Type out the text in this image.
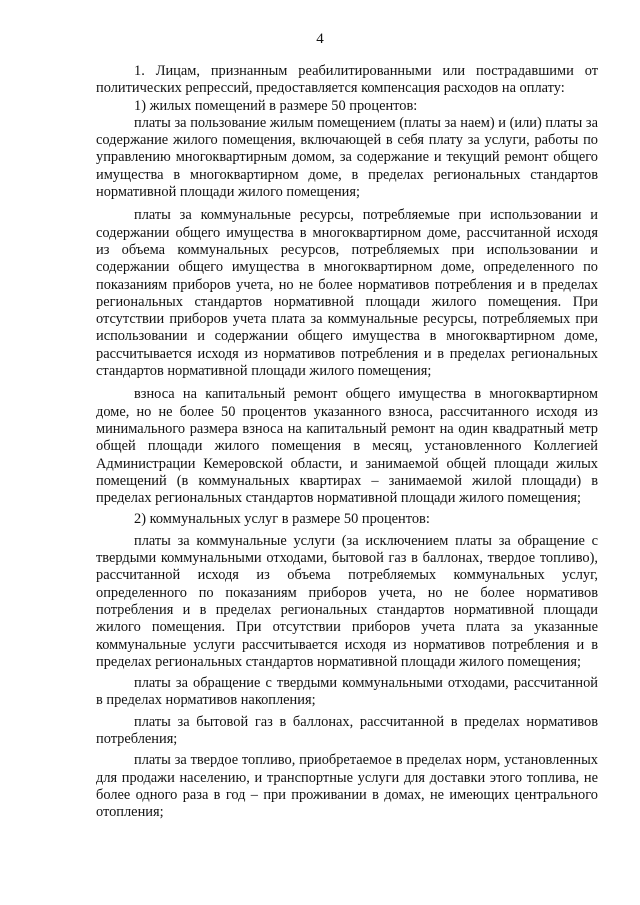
4

1. Лицам, признанным реабилитированными или пострадавшими от политических репрессий, предоставляется компенсация расходов на оплату:

1) жилых помещений в размере 50 процентов:

платы за пользование жилым помещением (платы за наем) и (или) платы за содержание жилого помещения, включающей в себя плату за услуги, работы по управлению многоквартирным домом, за содержание и текущий ремонт общего имущества в многоквартирном доме, в пределах региональных стандартов нормативной площади жилого помещения;

платы за коммунальные ресурсы, потребляемые при использовании и содержании общего имущества в многоквартирном доме, рассчитанной исходя из объема коммунальных ресурсов, потребляемых при использовании и содержании общего имущества в многоквартирном доме, определенного по показаниям приборов учета, но не более нормативов потребления и в пределах региональных стандартов нормативной площади жилого помещения. При отсутствии приборов учета плата за коммунальные ресурсы, потребляемых при использовании и содержании общего имущества в многоквартирном доме, рассчитывается исходя из нормативов потребления и в пределах региональных стандартов нормативной площади жилого помещения;

взноса на капитальный ремонт общего имущества в многоквартирном доме, но не более 50 процентов указанного взноса, рассчитанного исходя из минимального размера взноса на капитальный ремонт на один квадратный метр общей площади жилого помещения в месяц, установленного Коллегией Администрации Кемеровской области, и занимаемой общей площади жилых помещений (в коммунальных квартирах – занимаемой жилой площади) в пределах региональных стандартов нормативной площади жилого помещения;

2) коммунальных услуг в размере 50 процентов:

платы за коммунальные услуги (за исключением платы за обращение с твердыми коммунальными отходами, бытовой газ в баллонах, твердое топливо), рассчитанной исходя из объема потребляемых коммунальных услуг, определенного по показаниям приборов учета, но не более нормативов потребления и в пределах региональных стандартов нормативной площади жилого помещения. При отсутствии приборов учета плата за указанные коммунальные услуги рассчитывается исходя из нормативов потребления и в пределах региональных стандартов нормативной площади жилого помещения;

платы за обращение с твердыми коммунальными отходами, рассчитанной в пределах нормативов накопления;

платы за бытовой газ в баллонах, рассчитанной в пределах нормативов потребления;

платы за твердое топливо, приобретаемое в пределах норм, установленных для продажи населению, и транспортные услуги для доставки этого топлива, не более одного раза в год – при проживании в домах, не имеющих центрального отопления;
